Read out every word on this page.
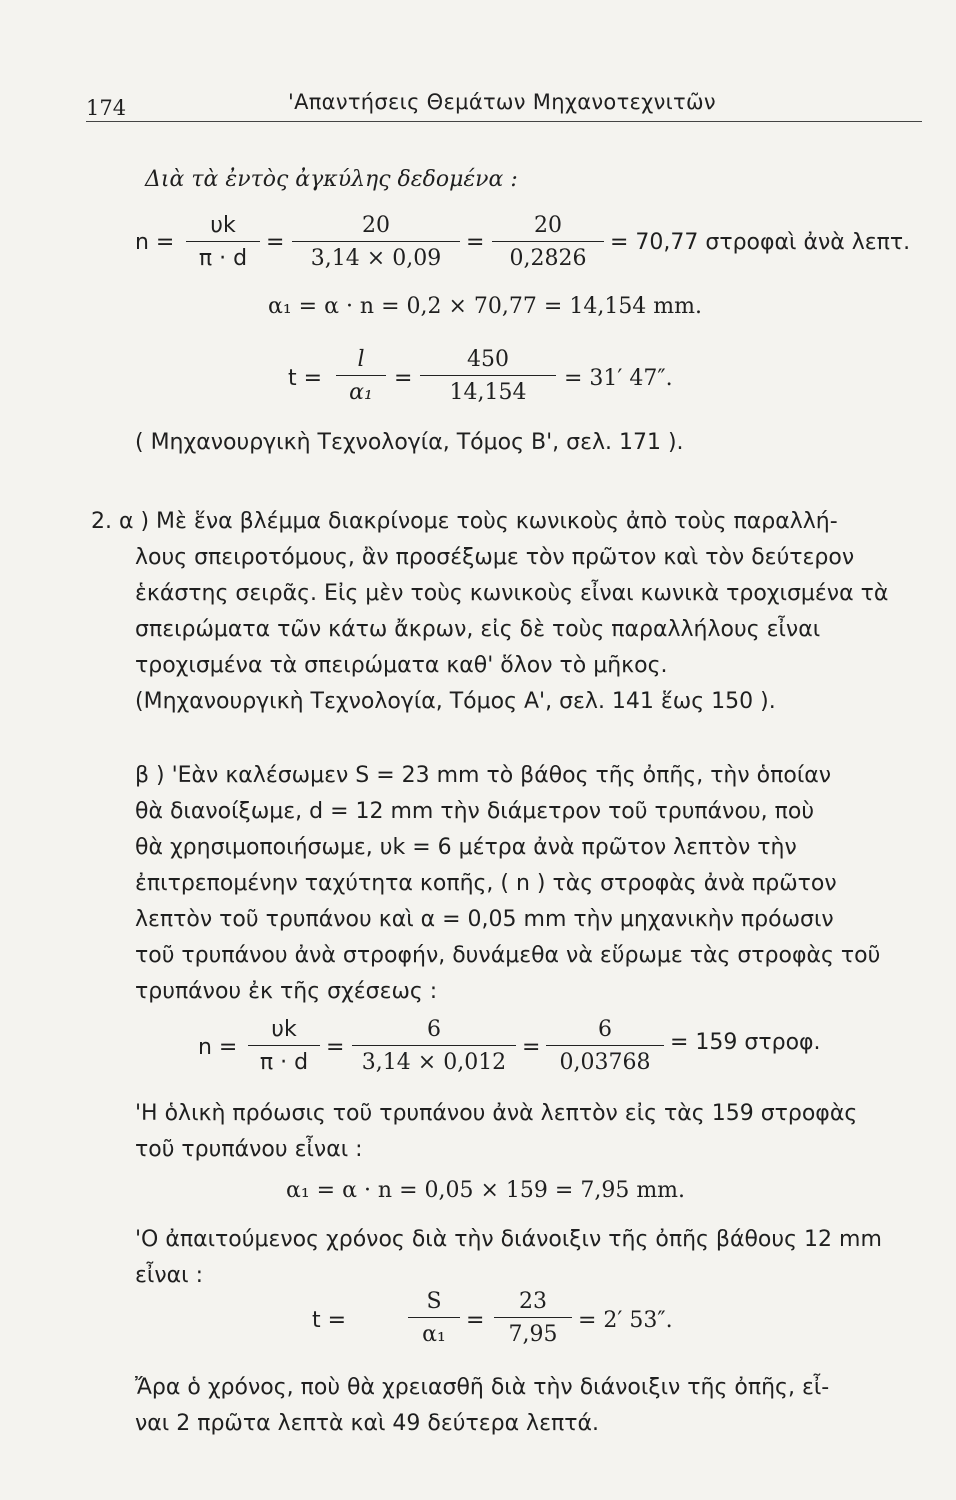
174	'Απαντήσεις Θεμάτων Μηχανοτεχνιτῶν
Διὰ τὰ ἐντὸς ἀγκύλης δεδομένα :
n =
υk
π · d
=
20
3,14 × 0,09
=
20
0,2826
= 70,77 στροφαὶ ἀνὰ λεπτ.
α₁ = α · n = 0,2 × 70,77 = 14,154 mm.
t =
l
α₁
=
450
14,154
= 31′ 47″.
( Μηχανουργικὴ Τεχνολογία, Τόμος Β', σελ. 171 ).

2. α ) Μὲ ἕνα βλέμμα διακρίνομε τοὺς κωνικοὺς ἀπὸ τοὺς παραλλή-

λους σπειροτόμους, ἂν προσέξωμε τὸν πρῶτον καὶ τὸν δεύτερον

ἑκάστης σειρᾶς. Εἰς μὲν τοὺς κωνικοὺς εἶναι κωνικὰ τροχισμένα τὰ

σπειρώματα τῶν κάτω ἄκρων, εἰς δὲ τοὺς παραλλήλους εἶναι

τροχισμένα τὰ σπειρώματα καθ' ὅλον τὸ μῆκος.

(Μηχανουργικὴ Τεχνολογία, Τόμος Α', σελ. 141 ἕως 150 ).

β ) 'Εὰν καλέσωμεν S = 23 mm τὸ βάθος τῆς ὀπῆς, τὴν ὁποίαν

θὰ διανοίξωμε, d = 12 mm τὴν διάμετρον τοῦ τρυπάνου, ποὺ

θὰ χρησιμοποιήσωμε, υk = 6 μέτρα ἀνὰ πρῶτον λεπτὸν τὴν

ἐπιτρεπομένην ταχύτητα κοπῆς, ( n ) τὰς στροφὰς ἀνὰ πρῶτον

λεπτὸν τοῦ τρυπάνου καὶ α = 0,05 mm τὴν μηχανικὴν πρόωσιν

τοῦ τρυπάνου ἀνὰ στροφήν, δυνάμεθα νὰ εὕρωμε τὰς στροφὰς τοῦ

τρυπάνου ἐκ τῆς σχέσεως :

n =
υk
π · d
=
6
3,14 × 0,012
=
6
0,03768
= 159 στροφ.

'Η ὁλικὴ πρόωσις τοῦ τρυπάνου ἀνὰ λεπτὸν εἰς τὰς 159 στροφὰς

τοῦ τρυπάνου εἶναι :

α₁ = α · n = 0,05 × 159 = 7,95 mm.

'Ο ἀπαιτούμενος χρόνος διὰ τὴν διάνοιξιν τῆς ὀπῆς βάθους 12 mm

εἶναι :

t =
S
α₁
=
23
7,95
= 2′ 53″.

Ἄρα ὁ χρόνος, ποὺ θὰ χρειασθῆ διὰ τὴν διάνοιξιν τῆς ὀπῆς, εἶ-

ναι 2 πρῶτα λεπτὰ καὶ 49 δεύτερα λεπτά.
